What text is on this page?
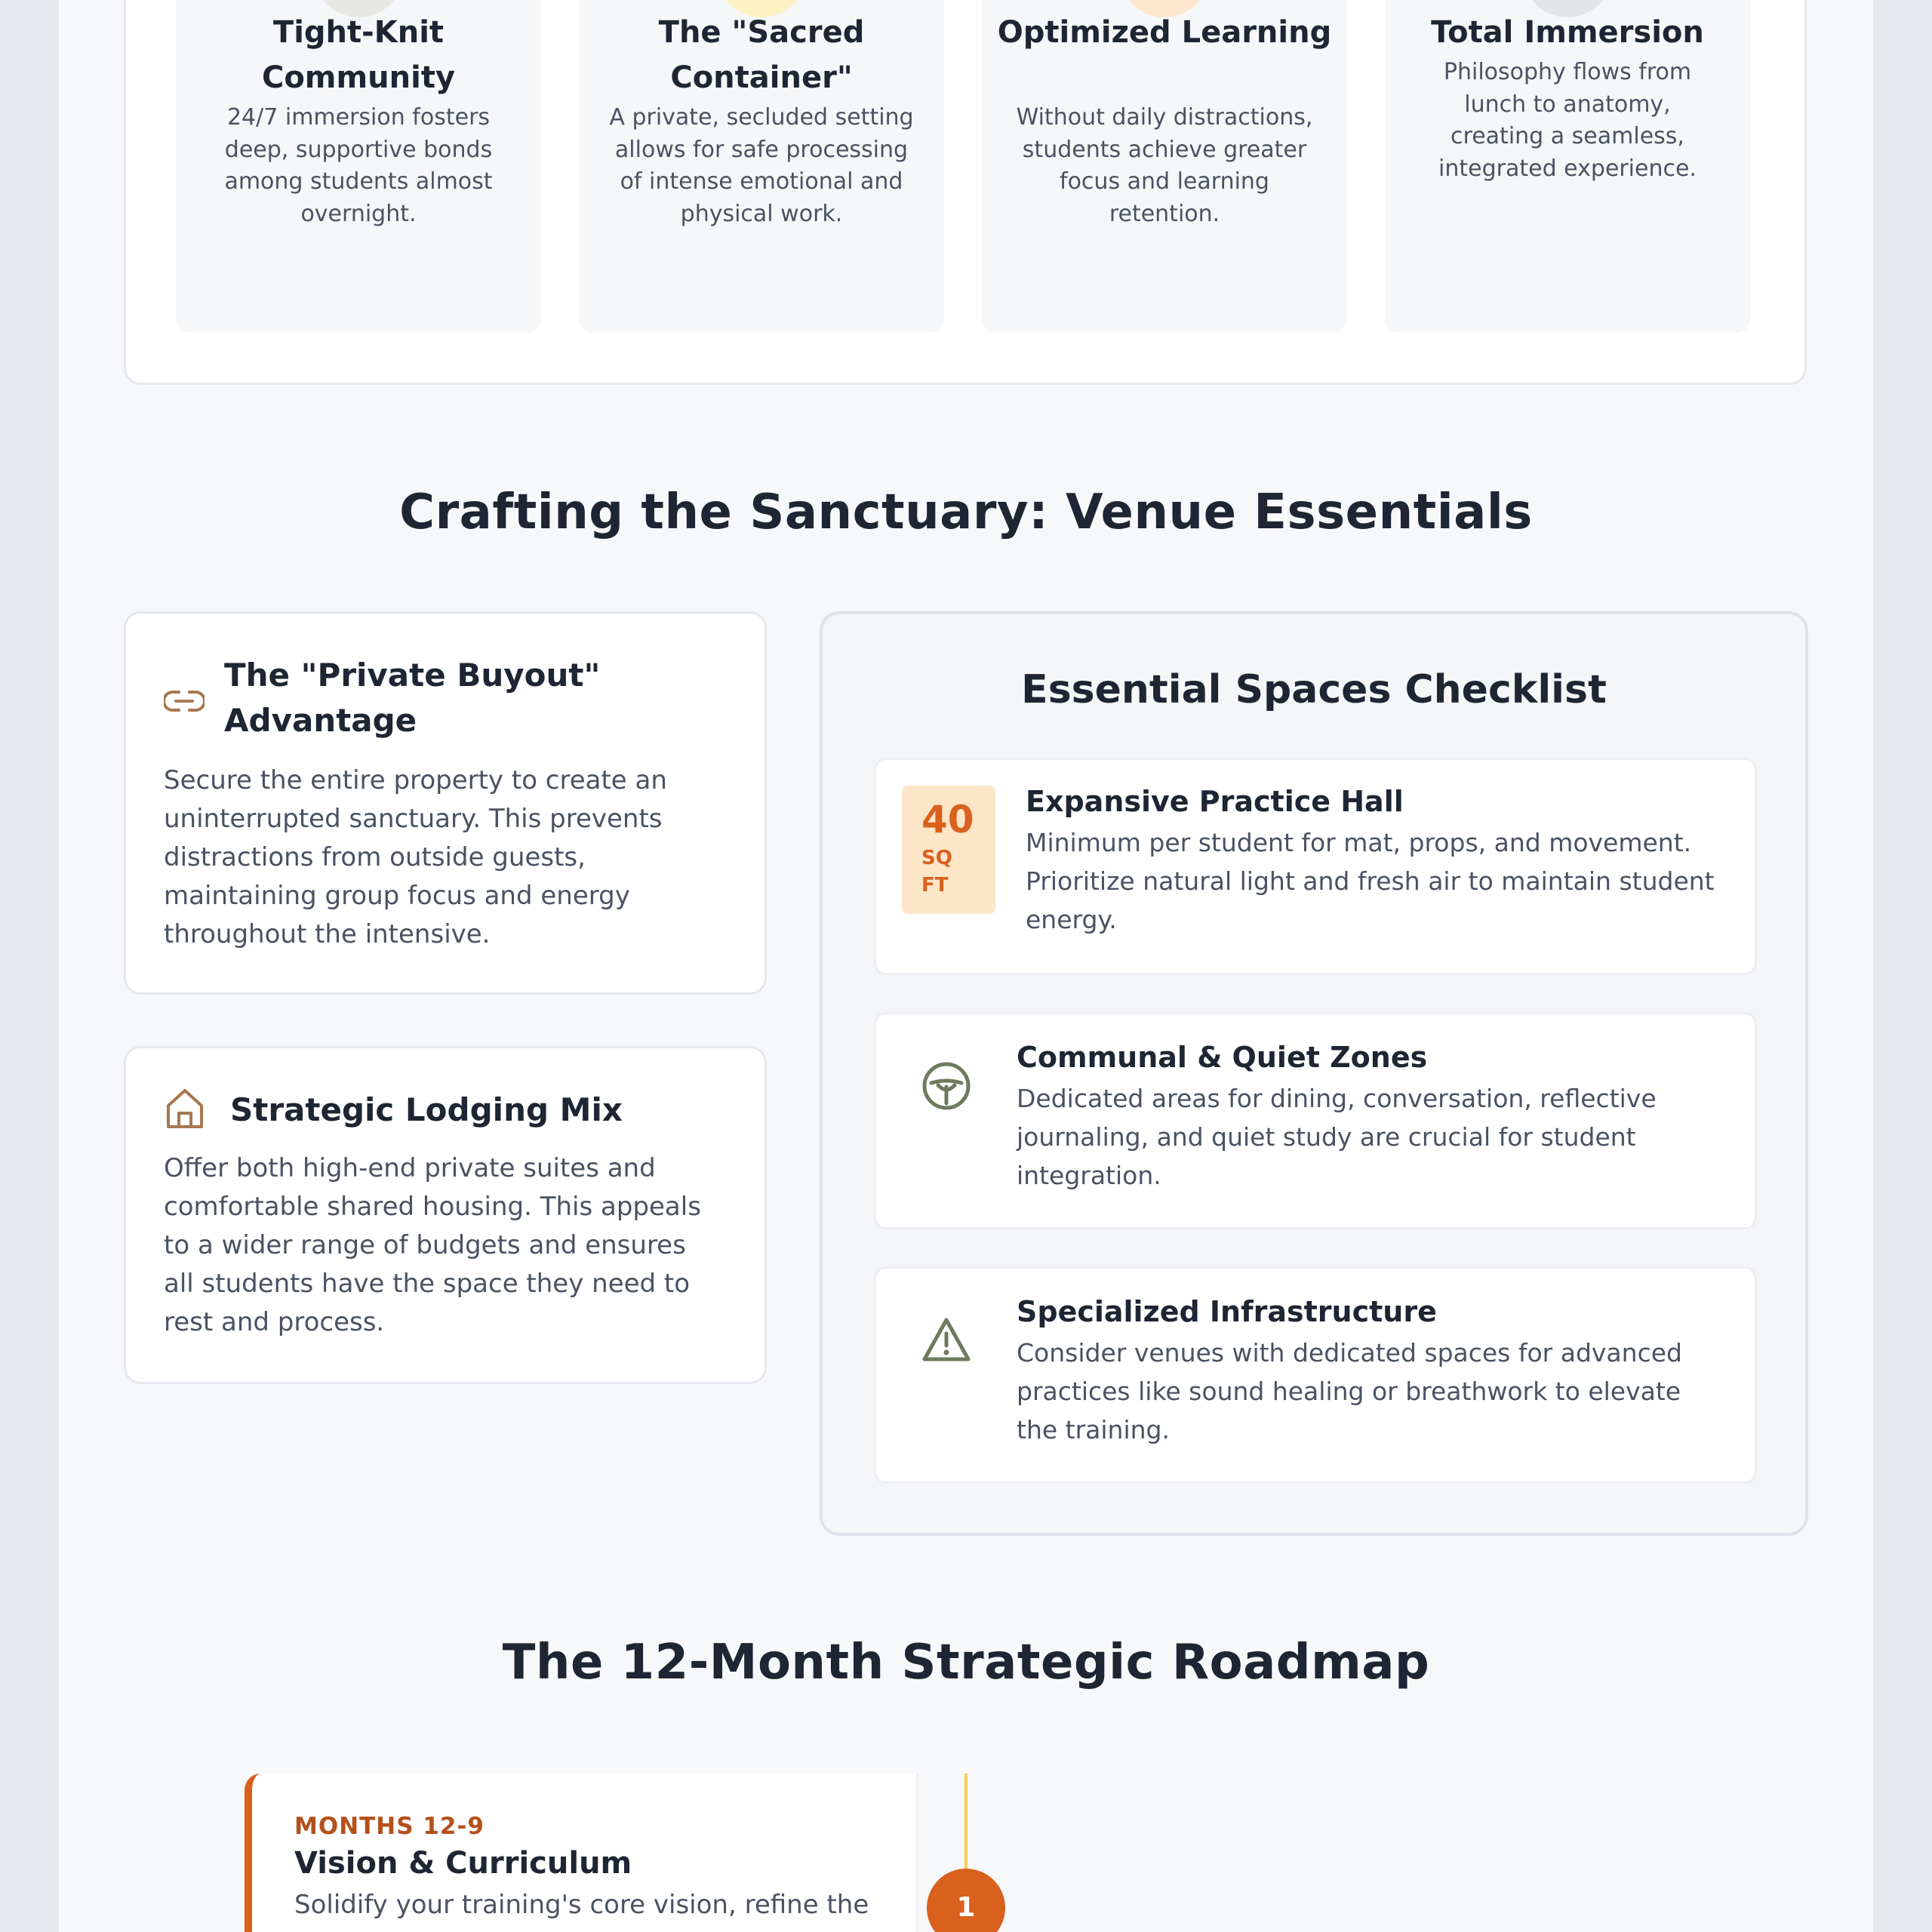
Tight-Knit Community
24/7 immersion fosters deep, supportive bonds among students almost overnight.
The "Sacred Container"
A private, secluded setting allows for safe processing of intense emotional and physical work.
Optimized Learning
Without daily distractions, students achieve greater focus and learning retention.
Total Immersion
Philosophy flows from lunch to anatomy, creating a seamless, integrated experience.
Crafting the Sanctuary: Venue Essentials
The "Private Buyout" Advantage
Secure the entire property to create an uninterrupted sanctuary. This prevents distractions from outside guests, maintaining group focus and energy throughout the intensive.
Strategic Lodging Mix
Offer both high-end private suites and comfortable shared housing. This appeals to a wider range of budgets and ensures all students have the space they need to rest and process.
Essential Spaces Checklist
40
SQ FT
Expansive Practice Hall
Minimum per student for mat, props, and movement. Prioritize natural light and fresh air to maintain student energy.
Communal & Quiet Zones
Dedicated areas for dining, conversation, reflective journaling, and quiet study are crucial for student integration.
Specialized Infrastructure
Consider venues with dedicated spaces for advanced practices like sound healing or breathwork to elevate the training.
The 12-Month Strategic Roadmap
MONTHS 12-9
Vision & Curriculum
Solidify your training's core vision, refine the	1
